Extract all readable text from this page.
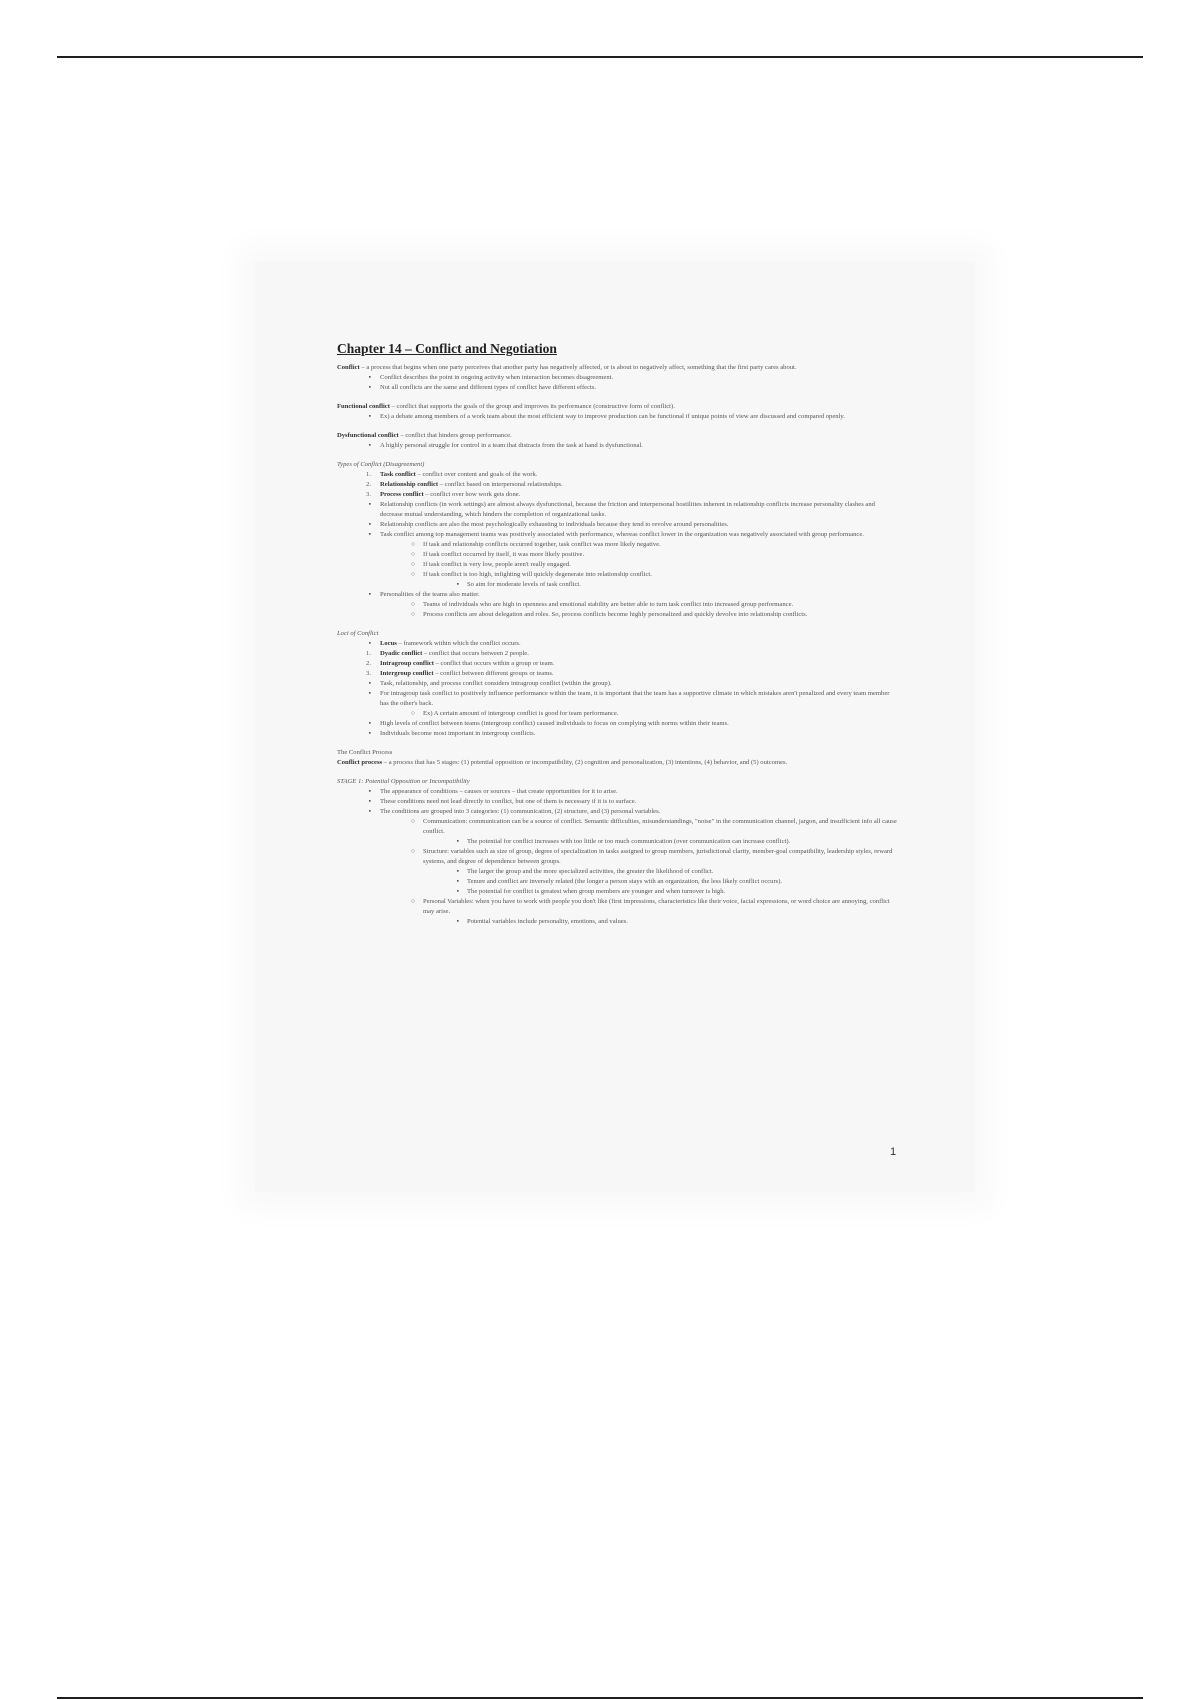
Chapter 14 – Conflict and Negotiation
Conflict – a process that begins when one party perceives that another party has negatively affected, or is about to negatively affect, something that the first party cares about.
▪ Conflict describes the point in ongoing activity when interaction becomes disagreement.
▪ Not all conflicts are the same and different types of conflict have different effects.
Functional conflict – conflict that supports the goals of the group and improves its performance (constructive form of conflict).
▪ Ex) a debate among members of a work team about the most efficient way to improve production can be functional if unique points of view are discussed and compared openly.
Dysfunctional conflict – conflict that hinders group performance.
▪ A highly personal struggle for control in a team that distracts from the task at hand is dysfunctional.
Types of Conflict (Disagreement)
1. Task conflict – conflict over content and goals of the work.
2. Relationship conflict – conflict based on interpersonal relationships.
3. Process conflict – conflict over how work gets done.
▪ Relationship conflicts (in work settings) are almost always dysfunctional, because the friction and interpersonal hostilities inherent in relationship conflicts increase personality clashes and decrease mutual understanding, which hinders the completion of organizational tasks.
▪ Relationship conflicts are also the most psychologically exhausting to individuals because they tend to revolve around personalities.
▪ Task conflict among top management teams was positively associated with performance, whereas conflict lower in the organization was negatively associated with group performance.
○ If task and relationship conflicts occurred together, task conflict was more likely negative.
○ If task conflict occurred by itself, it was more likely positive.
○ If task conflict is very low, people aren't really engaged.
○ If task conflict is too high, infighting will quickly degenerate into relationship conflict.
▪ So aim for moderate levels of task conflict.
▪ Personalities of the teams also matter.
○ Teams of individuals who are high in openness and emotional stability are better able to turn task conflict into increased group performance.
○ Process conflicts are about delegation and roles. So, process conflicts become highly personalized and quickly devolve into relationship conflicts.
Loci of Conflict
▪ Locus – framework within which the conflict occurs.
1. Dyadic conflict – conflict that occurs between 2 people.
2. Intragroup conflict – conflict that occurs within a group or team.
3. Intergroup conflict – conflict between different groups or teams.
▪ Task, relationship, and process conflict considers intragroup conflict (within the group).
▪ For intragroup task conflict to positively influence performance within the team, it is important that the team has a supportive climate in which mistakes aren't penalized and every team member has the other's back.
○ Ex) A certain amount of intergroup conflict is good for team performance.
▪ High levels of conflict between teams (intergroup conflict) caused individuals to focus on complying with norms within their teams.
▪ Individuals become most important in intergroup conflicts.
The Conflict Process
Conflict process – a process that has 5 stages: (1) potential opposition or incompatibility, (2) cognition and personalization, (3) intentions, (4) behavior, and (5) outcomes.
STAGE 1: Potential Opposition or Incompatibility
▪ The appearance of conditions – causes or sources – that create opportunities for it to arise.
▪ These conditions need not lead directly to conflict, but one of them is necessary if it is to surface.
▪ The conditions are grouped into 3 categories: (1) communication, (2) structure, and (3) personal variables.
○ Communication: communication can be a source of conflict. Semantic difficulties, misunderstandings, "noise" in the communication channel, jargon, and insufficient info all cause conflict.
▪ The potential for conflict increases with too little or too much communication (over communication can increase conflict).
○ Structure: variables such as size of group, degree of specialization in tasks assigned to group members, jurisdictional clarity, member-goal compatibility, leadership styles, reward systems, and degree of dependence between groups.
▪ The larger the group and the more specialized activities, the greater the likelihood of conflict.
▪ Tenure and conflict are inversely related (the longer a person stays with an organization, the less likely conflict occurs).
▪ The potential for conflict is greatest when group members are younger and when turnover is high.
○ Personal Variables: when you have to work with people you don't like (first impressions, characteristics like their voice, facial expressions, or word choice are annoying, conflict may arise.
▪ Potential variables include personality, emotions, and values.
1
